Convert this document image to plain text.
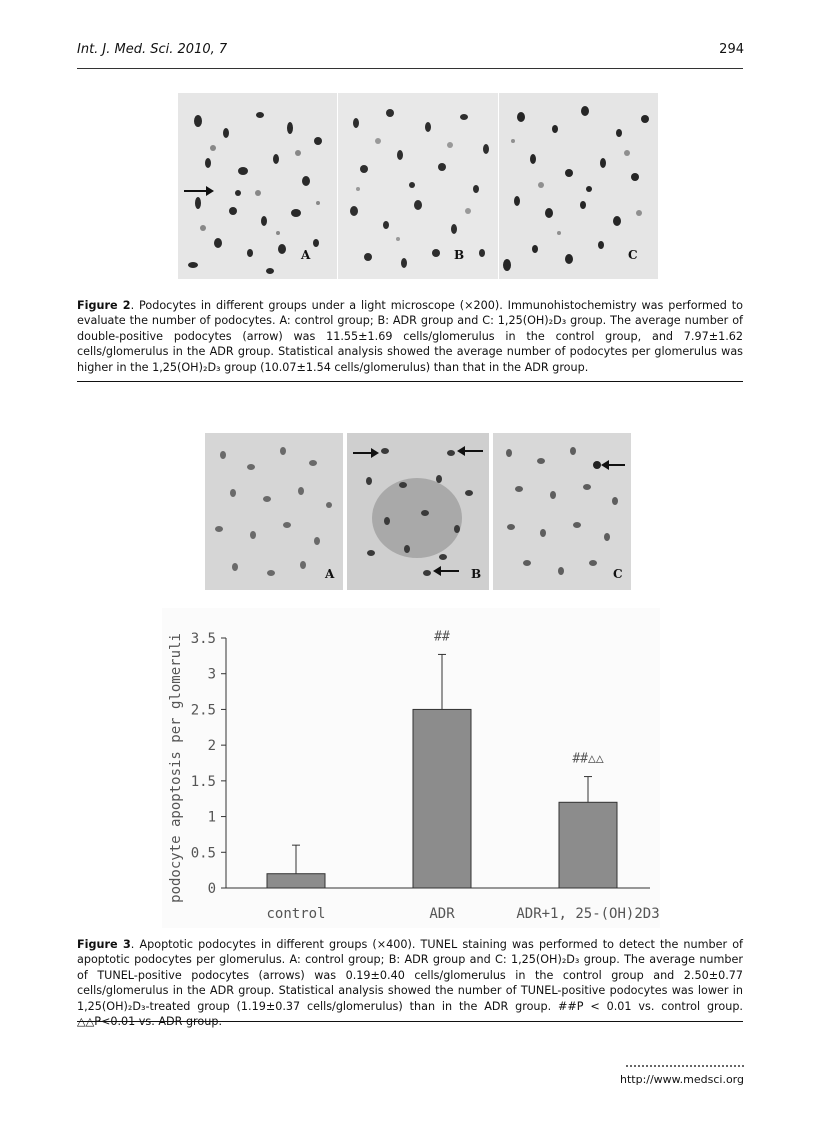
Int. J. Med. Sci. 2010, 7	294
A	B	C
Figure 2. Podocytes in different groups under a light microscope (×200). Immunohistochemistry was performed to evaluate the number of podocytes. A: control group; B: ADR group and C: 1,25(OH)₂D₃ group. The average number of double-positive podocytes (arrow) was 11.55±1.69 cells/glomerulus in the control group, and 7.97±1.62 cells/glomerulus in the ADR group. Statistical analysis showed the average number of podocytes per glomerulus was higher in the 1,25(OH)₂D₃ group (10.07±1.54 cells/glomerulus) than that in the ADR group.
A	B	C
podocyte apoptosis per glomeruli 0
0.5
1
1.5
2
2.5
3
3.5
control	ADR
##
ADR+1, 25-(OH)2D3
##△△
Figure 3. Apoptotic podocytes in different groups (×400). TUNEL staining was performed to detect the number of apoptotic podocytes per glomerulus. A: control group; B: ADR group and C: 1,25(OH)₂D₃ group. The average number of TUNEL-positive podocytes (arrows) was 0.19±0.40 cells/glomerulus in the control group and 2.50±0.77 cells/glomerulus in the ADR group. Statistical analysis showed the number of TUNEL-positive podocytes was lower in 1,25(OH)₂D₃-treated group (1.19±0.37 cells/glomerulus) than in the ADR group. ##P < 0.01 vs. control group. △△P<0.01 vs. ADR group.
http://www.medsci.org
